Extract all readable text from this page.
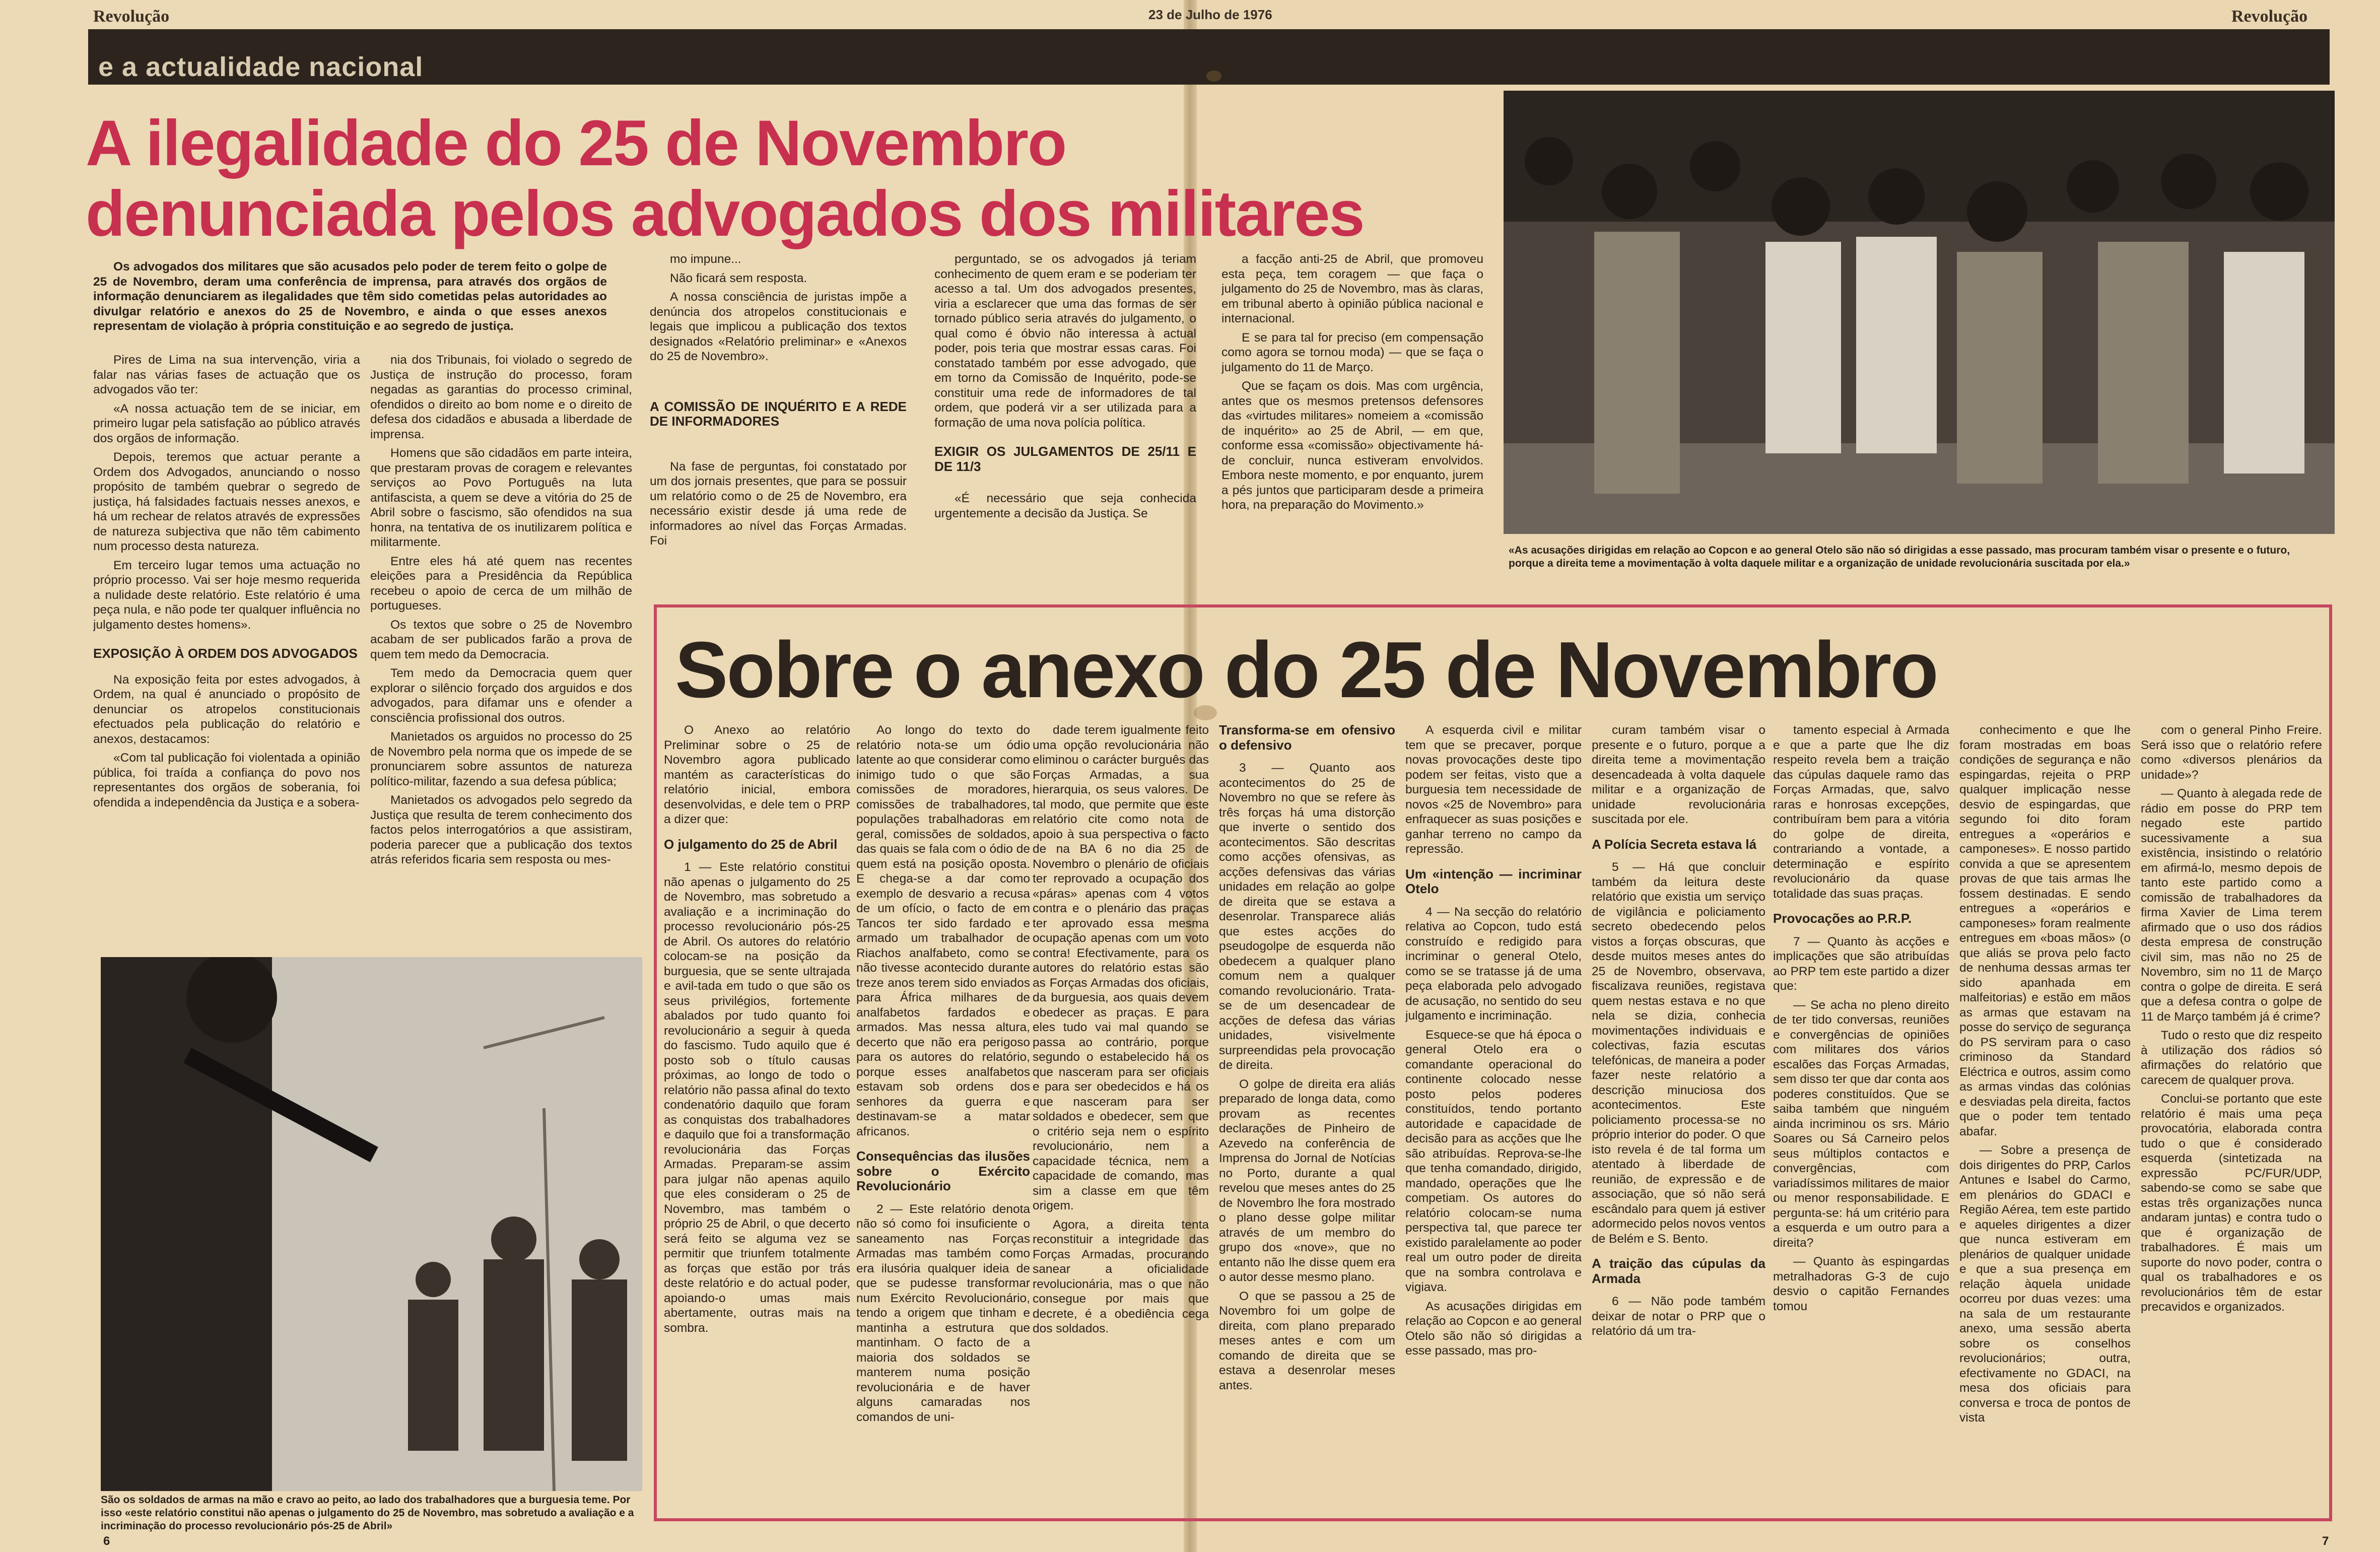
Revolução	23 de Julho de 1976	Revolução
e a actualidade nacional
A ilegalidade do 25 de Novembro
denunciada pelos advogados dos militares
Os advogados dos militares que são acusados pelo poder de terem feito o golpe de 25 de Novembro, deram uma conferência de imprensa, para através dos orgãos de informação denunciarem as ilegalidades que têm sido cometidas pelas autoridades ao divulgar relatório e anexos do 25 de Novembro, e ainda o que esses anexos representam de violação à própria constituição e ao segredo de justiça.

Pires de Lima na sua intervenção, viria a falar nas várias fases de actuação que os advogados vão ter:

«A nossa actuação tem de se iniciar, em primeiro lugar pela satisfação ao público através dos orgãos de informação.

Depois, teremos que actuar perante a Ordem dos Advogados, anunciando o nosso propósito de também quebrar o segredo de justiça, há falsidades factuais nesses anexos, e há um rechear de relatos através de expressões de natureza subjectiva que não têm cabimento num processo desta natureza.

Em terceiro lugar temos uma actuação no próprio processo. Vai ser hoje mesmo requerida a nulidade deste relatório. Este relatório é uma peça nula, e não pode ter qualquer influência no julgamento destes homens».

EXPOSIÇÃO À ORDEM DOS ADVOGADOS

Na exposição feita por estes advogados, à Ordem, na qual é anunciado o propósito de denunciar os atropelos constitucionais efectuados pela publicação do relatório e anexos, destacamos:

«Com tal publicação foi violentada a opinião pública, foi traída a confiança do povo nos representantes dos orgãos de soberania, foi ofendida a independência da Justiça e a sobera-

nia dos Tribunais, foi violado o segredo de Justiça de instrução do processo, foram negadas as garantias do processo criminal, ofendidos o direito ao bom nome e o direito de defesa dos cidadãos e abusada a liberdade de imprensa.

Homens que são cidadãos em parte inteira, que prestaram provas de coragem e relevantes serviços ao Povo Português na luta antifascista, a quem se deve a vitória do 25 de Abril sobre o fascismo, são ofendidos na sua honra, na tentativa de os inutilizarem política e militarmente.

Entre eles há até quem nas recentes eleições para a Presidência da República recebeu o apoio de cerca de um milhão de portugueses.

Os textos que sobre o 25 de Novembro acabam de ser publicados farão a prova de quem tem medo da Democracia.

Tem medo da Democracia quem quer explorar o silêncio forçado dos arguidos e dos advogados, para difamar uns e ofender a consciência profissional dos outros.

Manietados os arguidos no processo do 25 de Novembro pela norma que os impede de se pronunciarem sobre assuntos de natureza político-militar, fazendo a sua defesa pública;

Manietados os advogados pelo segredo da Justiça que resulta de terem conhecimento dos factos pelos interrogatórios a que assistiram, poderia parecer que a publicação dos textos atrás referidos ficaria sem resposta ou mes-

mo impune...

Não ficará sem resposta.

A nossa consciência de juristas impõe a denúncia dos atropelos constitucionais e legais que implicou a publicação dos textos designados «Relatório preliminar» e «Anexos do 25 de Novembro».

A COMISSÃO DE INQUÉRITO E A REDE DE INFORMADORES

Na fase de perguntas, foi constatado por um dos jornais presentes, que para se possuir um relatório como o de 25 de Novembro, era necessário existir desde já uma rede de informadores ao nível das Forças Armadas. Foi

perguntado, se os advogados já teriam conhecimento de quem eram e se poderiam ter acesso a tal. Um dos advogados presentes, viria a esclarecer que uma das formas de ser tornado público seria através do julgamento, o qual como é óbvio não interessa à actual poder, pois teria que mostrar essas caras. Foi constatado também por esse advogado, que em torno da Comissão de Inquérito, pode-se constituir uma rede de informadores de tal ordem, que poderá vir a ser utilizada para a formação de uma nova polícia política.

EXIGIR OS JULGAMENTOS DE 25/11 E DE 11/3

«É necessário que seja conhecida urgentemente a decisão da Justiça. Se

a facção anti-25 de Abril, que promoveu esta peça, tem coragem — que faça o julgamento do 25 de Novembro, mas às claras, em tribunal aberto à opinião pública nacional e internacional.

E se para tal for preciso (em compensação como agora se tornou moda) — que se faça o julgamento do 11 de Março.

Que se façam os dois. Mas com urgência, antes que os mesmos pretensos defensores das «virtudes militares» nomeiem a «comissão de inquérito» ao 25 de Abril, — em que, conforme essa «comissão» objectivamente há-de concluir, nunca estiveram envolvidos. Embora neste momento, e por enquanto, jurem a pés juntos que participaram desde a primeira hora, na preparação do Movimento.»

«As acusações dirigidas em relação ao Copcon e ao general Otelo são não só dirigidas a esse passado, mas procuram também visar o presente e o futuro, porque a direita teme a movimentação à volta daquele militar e a organização de unidade revolucionária suscitada por ela.»
São os soldados de armas na mão e cravo ao peito, ao lado dos trabalhadores que a burguesia teme. Por isso «este relatório constitui não apenas o julgamento do 25 de Novembro, mas sobretudo a avaliação e a incriminação do processo revolucionário pós-25 de Abril»
Sobre o anexo do 25 de Novembro

O Anexo ao relatório Preliminar sobre o 25 de Novembro agora publicado mantém as características do relatório inicial, embora desenvolvidas, e dele tem o PRP a dizer que:

O julgamento do 25 de Abril

1 — Este relatório constitui não apenas o julgamento do 25 de Novembro, mas sobretudo a avaliação e a incriminação do processo revolucionário pós-25 de Abril. Os autores do relatório colocam-se na posição da burguesia, que se sente ultrajada e avil-tada em tudo o que são os seus privilégios, fortemente abalados por tudo quanto foi revolucionário a seguir à queda do fascismo. Tudo aquilo que é posto sob o título causas próximas, ao longo de todo o relatório não passa afinal do texto condenatório daquilo que foram as conquistas dos trabalhadores e daquilo que foi a transformação revolucionária das Forças Armadas. Preparam-se assim para julgar não apenas aquilo que eles consideram o 25 de Novembro, mas também o próprio 25 de Abril, o que decerto será feito se alguma vez se permitir que triunfem totalmente as forças que estão por trás deste relatório e do actual poder, apoiando-o umas mais abertamente, outras mais na sombra.

Ao longo do texto do relatório nota-se um ódio latente ao que considerar como inimigo tudo o que são comissões de moradores, comissões de trabalhadores, populações trabalhadoras em geral, comissões de soldados, das quais se fala com o ódio de quem está na posição oposta. E chega-se a dar como exemplo de desvario a recusa de um ofício, o facto de em Tancos ter sido fardado e armado um trabalhador de Riachos analfabeto, como se não tivesse acontecido durante treze anos terem sido enviados para África milhares de analfabetos fardados e armados. Mas nessa altura, decerto que não era perigoso para os autores do relatório, porque esses analfabetos estavam sob ordens dos senhores da guerra e destinavam-se a matar africanos.

Consequências das ilusões sobre o Exército Revolucionário

2 — Este relatório denota não só como foi insuficiente o saneamento nas Forças Armadas mas também como era ilusória qualquer ideia de que se pudesse transformar num Exército Revolucionário, tendo a origem que tinham e mantinha a estrutura que mantinham. O facto de a maioria dos soldados se manterem numa posição revolucionária e de haver alguns camaradas nos comandos de uni-

dade terem igualmente feito uma opção revolucionária não eliminou o carácter burguês das Forças Armadas, a sua hierarquia, os seus valores. De tal modo, que permite que este relatório cite como nota de apoio à sua perspectiva o facto de na BA 6 no dia 25 de Novembro o plenário de oficiais ter reprovado a ocupação dos «páras» apenas com 4 votos contra e o plenário das praças ter aprovado essa mesma ocupação apenas com um voto contra! Efectivamente, para os autores do relatório estas são as Forças Armadas dos oficiais, da burguesia, aos quais devem obedecer as praças. E para eles tudo vai mal quando se passa ao contrário, porque segundo o estabelecido há os que nasceram para ser oficiais e para ser obedecidos e há os que nasceram para ser soldados e obedecer, sem que o critério seja nem o espírito revolucionário, nem a capacidade técnica, nem a capacidade de comando, mas sim a classe em que têm origem.

Agora, a direita tenta reconstituir a integridade das Forças Armadas, procurando sanear a oficialidade revolucionária, mas o que não consegue por mais que decrete, é a obediência cega dos soldados.

Transforma-se em ofensivo o defensivo

3 — Quanto aos acontecimentos do 25 de Novembro no que se refere às três forças há uma distorção que inverte o sentido dos acontecimentos. São descritas como acções ofensivas, as acções defensivas das várias unidades em relação ao golpe de direita que se estava a desenrolar. Transparece aliás que estes acções do pseudogolpe de esquerda não obedecem a qualquer plano comum nem a qualquer comando revolucionário. Trata-se de um desencadear de acções de defesa das várias unidades, visivelmente surpreendidas pela provocação de direita.

O golpe de direita era aliás preparado de longa data, como provam as recentes declarações de Pinheiro de Azevedo na conferência de Imprensa do Jornal de Notícias no Porto, durante a qual revelou que meses antes do 25 de Novembro lhe fora mostrado o plano desse golpe militar através de um membro do grupo dos «nove», que no entanto não lhe disse quem era o autor desse mesmo plano.

O que se passou a 25 de Novembro foi um golpe de direita, com plano preparado meses antes e com um comando de direita que se estava a desenrolar meses antes.

A esquerda civil e militar tem que se precaver, porque novas provocações deste tipo podem ser feitas, visto que a burguesia tem necessidade de novos «25 de Novembro» para enfraquecer as suas posições e ganhar terreno no campo da repressão.

Um «intenção — incriminar Otelo

4 — Na secção do relatório relativa ao Copcon, tudo está construído e redigido para incriminar o general Otelo, como se se tratasse já de uma peça elaborada pelo advogado de acusação, no sentido do seu julgamento e incriminação.

Esquece-se que há época o general Otelo era o comandante operacional do continente colocado nesse posto pelos poderes constituídos, tendo portanto autoridade e capacidade de decisão para as acções que lhe são atribuídas. Reprova-se-lhe que tenha comandado, dirigido, mandado, operações que lhe competiam. Os autores do relatório colocam-se numa perspectiva tal, que parece ter existido paralelamente ao poder real um outro poder de direita que na sombra controlava e vigiava.

As acusações dirigidas em relação ao Copcon e ao general Otelo são não só dirigidas a esse passado, mas pro-

curam também visar o presente e o futuro, porque a direita teme a movimentação desencadeada à volta daquele militar e a organização de unidade revolucionária suscitada por ele.

A Polícia Secreta estava lá

5 — Há que concluir também da leitura deste relatório que existia um serviço de vigilância e policiamento secreto obedecendo pelos vistos a forças obscuras, que desde muitos meses antes do 25 de Novembro, observava, fiscalizava reuniões, registava quem nestas estava e no que nela se dizia, conhecia movimentações individuais e colectivas, fazia escutas telefónicas, de maneira a poder fazer neste relatório a descrição minuciosa dos acontecimentos. Este policiamento processa-se no próprio interior do poder. O que isto revela é de tal forma um atentado à liberdade de reunião, de expressão e de associação, que só não será escândalo para quem já estiver adormecido pelos novos ventos de Belém e S. Bento.

A traição das cúpulas da Armada

6 — Não pode também deixar de notar o PRP que o relatório dá um tra-

tamento especial à Armada e que a parte que lhe diz respeito revela bem a traição das cúpulas daquele ramo das Forças Armadas, que, salvo raras e honrosas excepções, contribuíram bem para a vitória do golpe de direita, contrariando a vontade, a determinação e espírito revolucionário da quase totalidade das suas praças.

Provocações ao P.R.P.

7 — Quanto às acções e implicações que são atribuídas ao PRP tem este partido a dizer que:

— Se acha no pleno direito de ter tido conversas, reuniões e convergências de opiniões com militares dos vários escalões das Forças Armadas, sem disso ter que dar conta aos poderes constituídos. Que se saiba também que ninguém ainda incriminou os srs. Mário Soares ou Sá Carneiro pelos seus múltiplos contactos e convergências, com variadíssimos militares de maior ou menor responsabilidade. E pergunta-se: há um critério para a esquerda e um outro para a direita?

— Quanto às espingardas metralhadoras G-3 de cujo desvio o capitão Fernandes tomou

conhecimento e que lhe foram mostradas em boas condições de segurança e não espingardas, rejeita o PRP qualquer implicação nesse desvio de espingardas, que segundo foi dito foram entregues a «operários e camponeses». E nosso partido convida a que se apresentem provas de que tais armas lhe fossem destinadas. E sendo entregues a «operários e camponeses» foram realmente entregues em «boas mãos» (o que aliás se prova pelo facto de nenhuma dessas armas ter sido apanhada em malfeitorias) e estão em mãos as armas que estavam na posse do serviço de segurança do PS serviram para o caso criminoso da Standard Eléctrica e outros, assim como as armas vindas das colónias e desviadas pela direita, factos que o poder tem tentado abafar.

— Sobre a presença de dois dirigentes do PRP, Carlos Antunes e Isabel do Carmo, em plenários do GDACI e Região Aérea, tem este partido e aqueles dirigentes a dizer que nunca estiveram em plenários de qualquer unidade e que a sua presença em relação àquela unidade ocorreu por duas vezes: uma na sala de um restaurante anexo, uma sessão aberta sobre os conselhos revolucionários; outra, efectivamente no GDACI, na mesa dos oficiais para conversa e troca de pontos de vista

com o general Pinho Freire. Será isso que o relatório refere como «diversos plenários da unidade»?

— Quanto à alegada rede de rádio em posse do PRP tem negado este partido sucessivamente a sua existência, insistindo o relatório em afirmá-lo, mesmo depois de tanto este partido como a comissão de trabalhadores da firma Xavier de Lima terem afirmado que o uso dos rádios desta empresa de construção civil sim, mas não no 25 de Novembro, sim no 11 de Março contra o golpe de direita. E será que a defesa contra o golpe de 11 de Março também já é crime?

Tudo o resto que diz respeito à utilização dos rádios só afirmações do relatório que carecem de qualquer prova.

Conclui-se portanto que este relatório é mais uma peça provocatória, elaborada contra tudo o que é considerado esquerda (sintetizada na expressão PC/FUR/UDP, sabendo-se como se sabe que estas três organizações nunca andaram juntas) e contra tudo o que é organização de trabalhadores. É mais um suporte do novo poder, contra o qual os trabalhadores e os revolucionários têm de estar precavidos e organizados.

6	7
